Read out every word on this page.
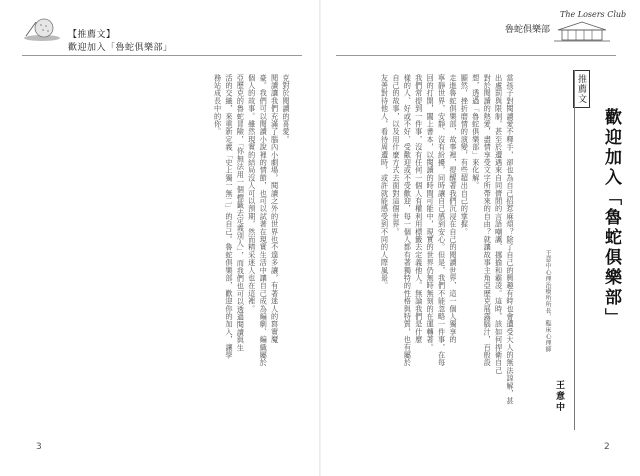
【推薦文】
歡迎加入「魯蛇俱樂部」
克對於閱讀的喜愛。
閱讀讓我們充滿了腦內小劇場，閱讀之外的世界也不遑多讓，有著迷人的寫實魔
豪。我們可以閱讀小說裡的情節，也可以試著在現實生活中讓自己成為編劇、編織屬於
個人的故事。雖然現實的結局沒人可以預期，然而精采迷人也在這裡。
亞歷克的魯蛇冒險，「你無法用一個標籤去定義別人」，而我們也可以透過閱讀與生
活的交織，來重新定義「史上獨一無二」的自己。魯蛇俱樂部，歡迎你的加入，讓學
務站成長中的你。
3
魯蛇俱樂部
The Losers Club
推薦文
歡迎加入「魯蛇俱樂部」
當孩子對閱讀愛不釋手，卻也為自己招惹麻煩？除了自己的興趣有時也會遭受大人的無法諒解，甚
出處罰與限制，甚至於遭遇來自同儕間的言語嘲諷、挪揄和霸凌。這時，該如何捍衛自己
對於閱讀的熱愛，盡情享受文字所帶來的自由？就讓故事主角亞歷克展露腦汁，百般設
想，透過「魯蛇俱樂部」來化解。
顯然，挫折磨情的演變，有些超出自己的掌握。
走進魯蛇俱樂部，故事裡，提醒著我們沉浸在自己的閱讀世界，這一個人獨享的
寧靜世界，安靜、沒有紛擾，同時讓自己感到安心。但是，我們不能忽略一件事，在每
回的打開，闔上書本，以閱讀的時間可能中，現實的世界仍無時無刻的在運轉著。
我們常提到一件事，沒有任何一個人有權利用標籤去定義他人。無論我們是什麼
樣的人、好或不好、受歡迎或不受歡迎，每一個人都有著獨特的性格與特質，也有屬於
自己的故事，以及用什麼方式去面對這個世界。
友善對待他人，看待周遭時，或許就能感受到不同的人際風景。
王意中心理治療所所長、臨床心理師
王意中
2
